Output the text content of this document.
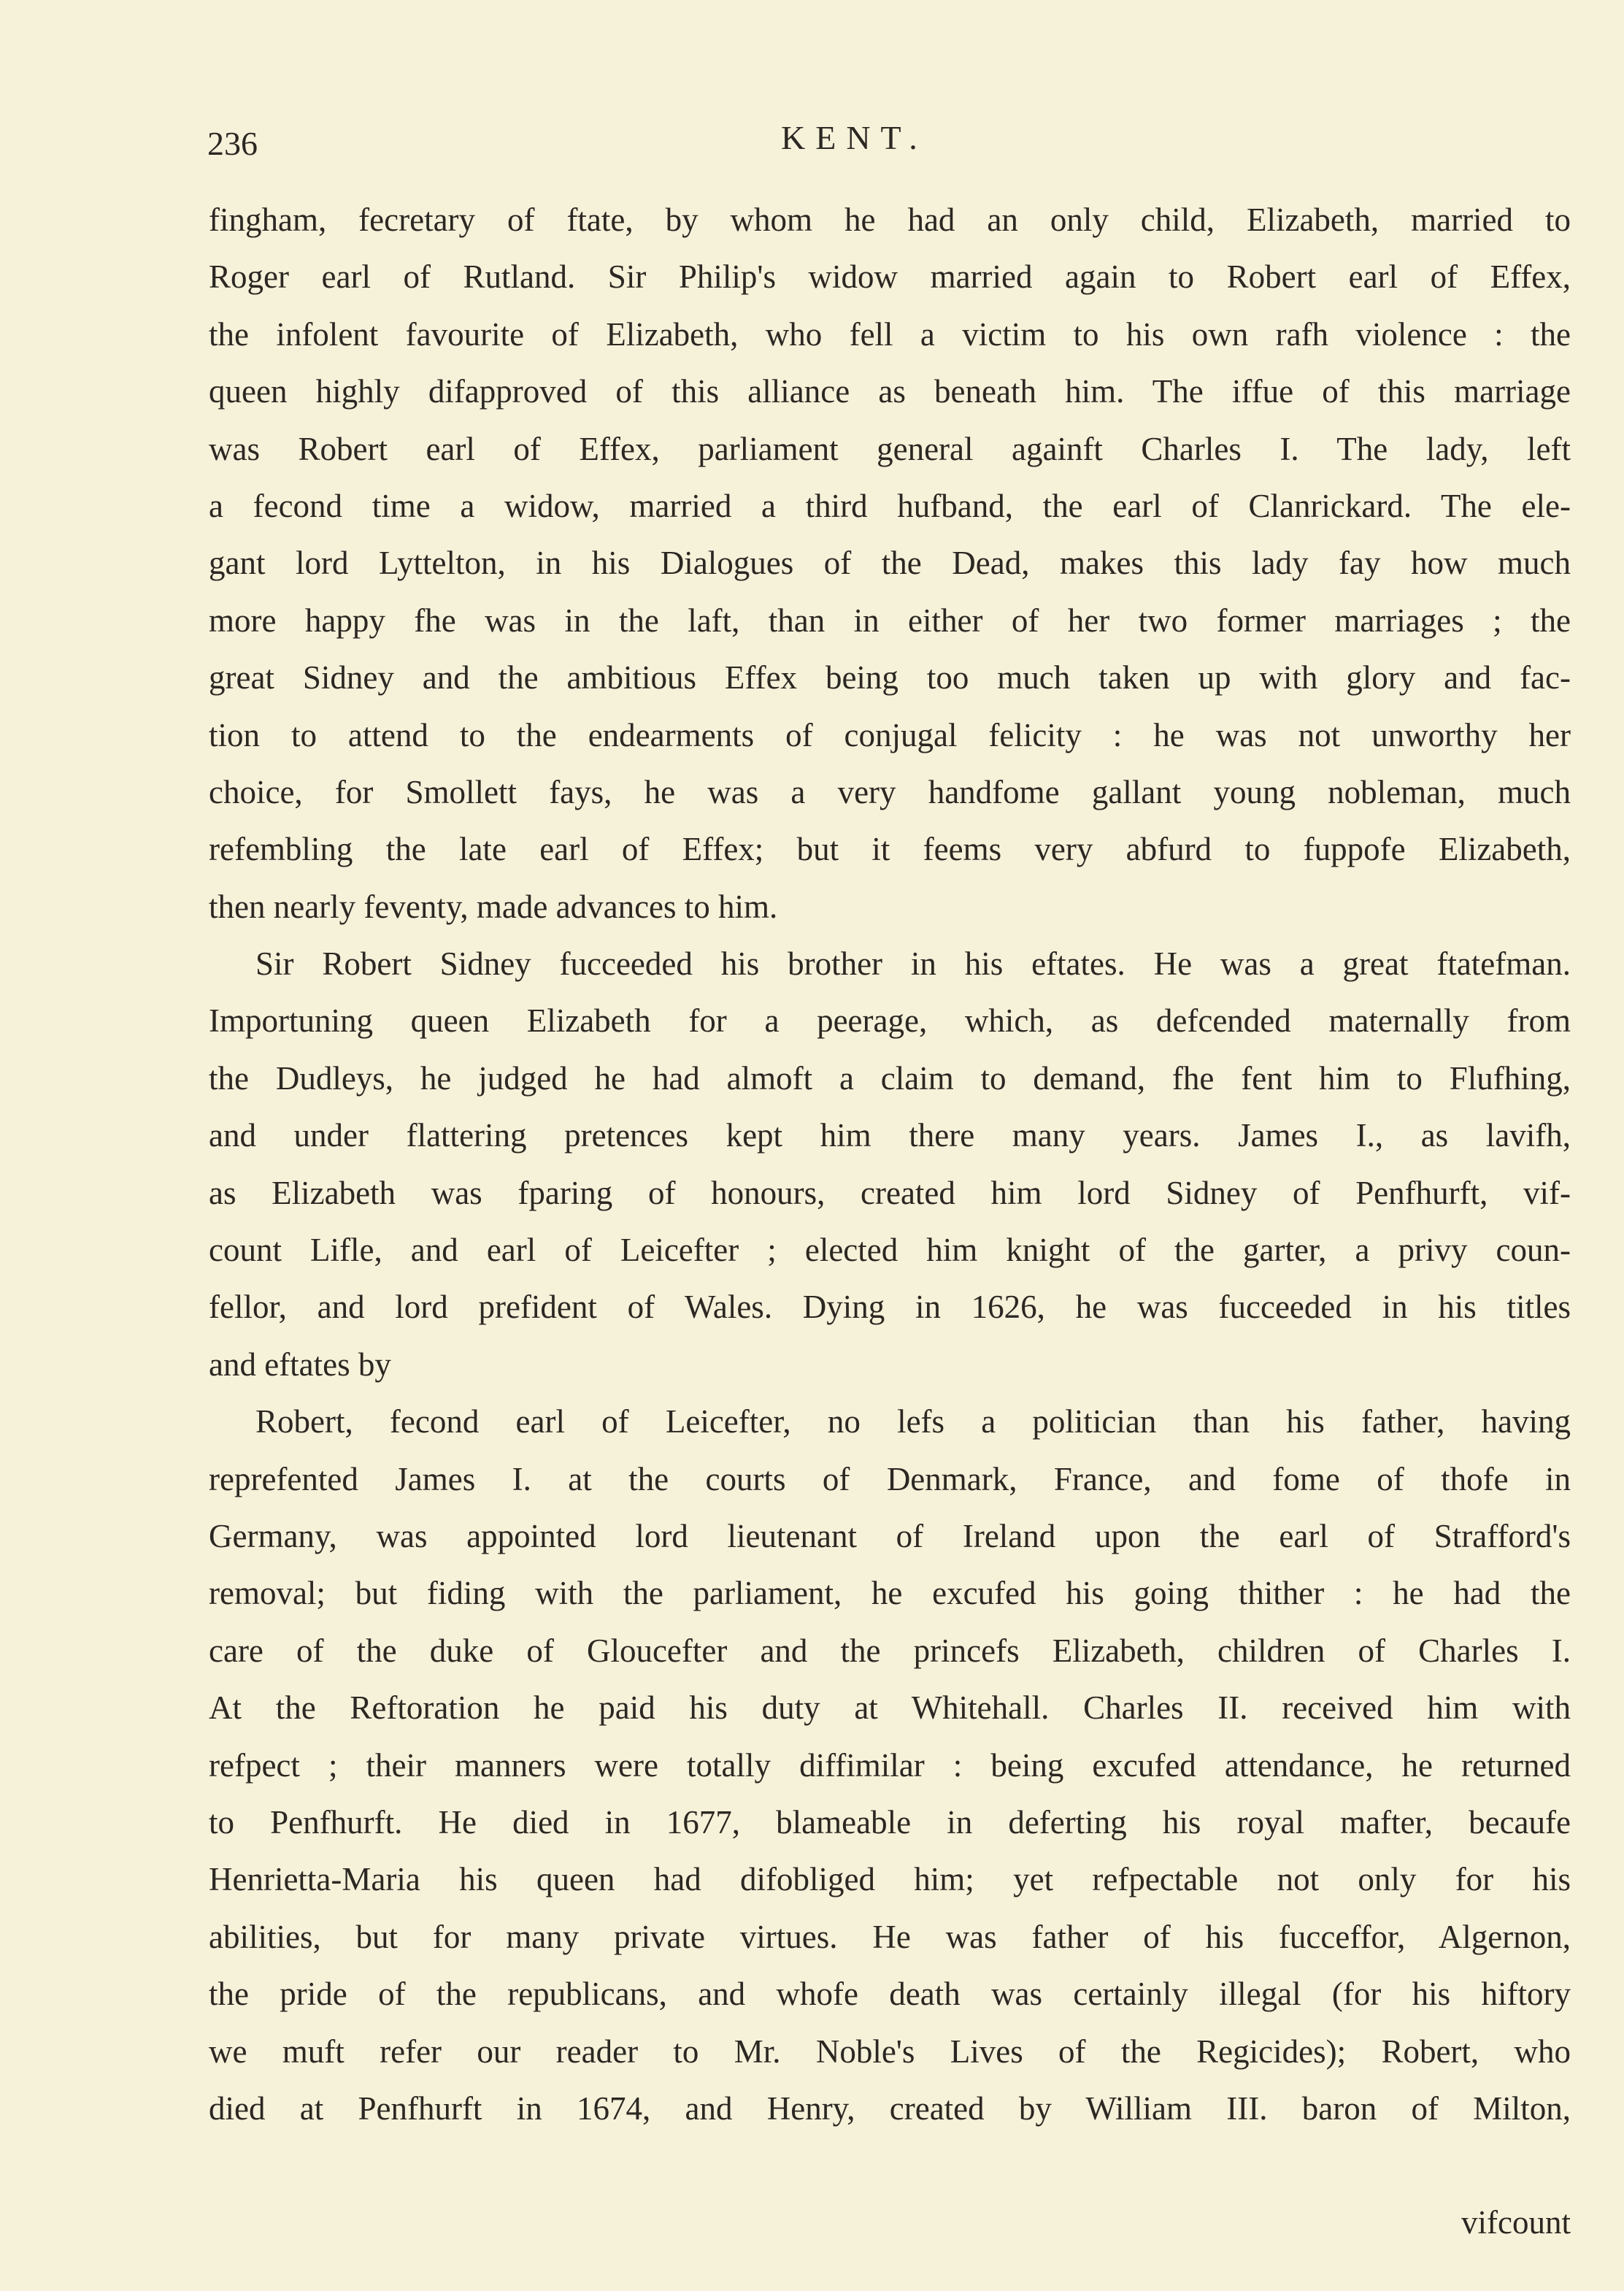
236	KENT.
fingham, fecretary of ftate, by whom he had an only child, Elizabeth, married to
Roger earl of Rutland. Sir Philip's widow married again to Robert earl of Effex,
the infolent favourite of Elizabeth, who fell a victim to his own rafh violence : the
queen highly difapproved of this alliance as beneath him. The iffue of this marriage
was Robert earl of Effex, parliament general againft Charles I. The lady, left
a fecond time a widow, married a third hufband, the earl of Clanrickard. The ele-
gant lord Lyttelton, in his Dialogues of the Dead, makes this lady fay how much
more happy fhe was in the laft, than in either of her two former marriages ; the
great Sidney and the ambitious Effex being too much taken up with glory and fac-
tion to attend to the endearments of conjugal felicity : he was not unworthy her
choice, for Smollett fays, he was a very handfome gallant young nobleman, much
refembling the late earl of Effex; but it feems very abfurd to fuppofe Elizabeth,
then nearly feventy, made advances to him.
Sir Robert Sidney fucceeded his brother in his eftates. He was a great ftatefman.
Importuning queen Elizabeth for a peerage, which, as defcended maternally from
the Dudleys, he judged he had almoft a claim to demand, fhe fent him to Flufhing,
and under flattering pretences kept him there many years. James I., as lavifh,
as Elizabeth was fparing of honours, created him lord Sidney of Penfhurft, vif-
count Lifle, and earl of Leicefter ; elected him knight of the garter, a privy coun-
fellor, and lord prefident of Wales. Dying in 1626, he was fucceeded in his titles
and eftates by
Robert, fecond earl of Leicefter, no lefs a politician than his father, having
reprefented James I. at the courts of Denmark, France, and fome of thofe in
Germany, was appointed lord lieutenant of Ireland upon the earl of Strafford's
removal; but fiding with the parliament, he excufed his going thither : he had the
care of the duke of Gloucefter and the princefs Elizabeth, children of Charles I.
At the Reftoration he paid his duty at Whitehall. Charles II. received him with
refpect ; their manners were totally diffimilar : being excufed attendance, he returned
to Penfhurft. He died in 1677, blameable in deferting his royal mafter, becaufe
Henrietta-Maria his queen had difobliged him; yet refpectable not only for his
abilities, but for many private virtues. He was father of his fucceffor, Algernon,
the pride of the republicans, and whofe death was certainly illegal (for his hiftory
we muft refer our reader to Mr. Noble's Lives of the Regicides); Robert, who
died at Penfhurft in 1674, and Henry, created by William III. baron of Milton,
vifcount
